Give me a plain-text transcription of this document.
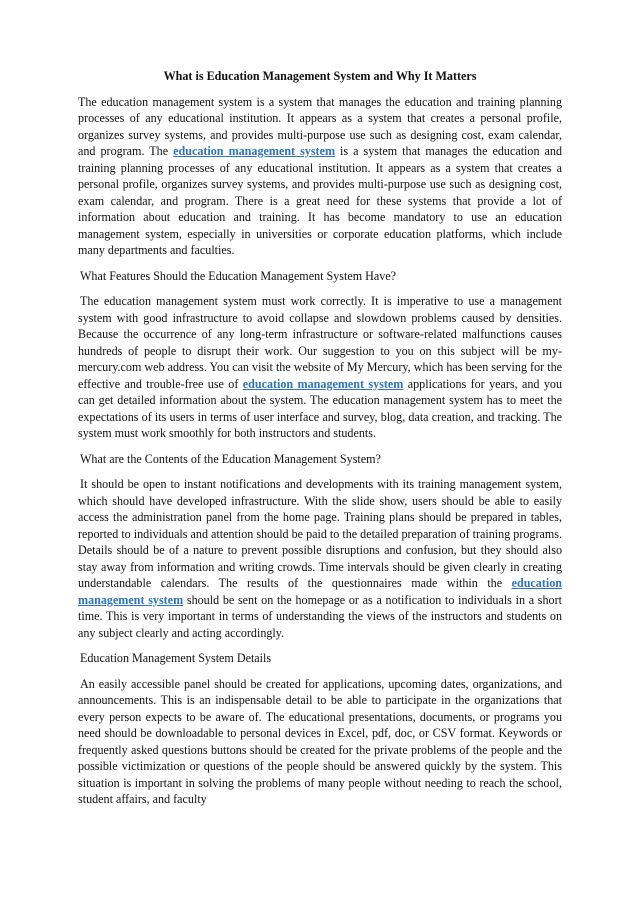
What is Education Management System and Why It Matters

The education management system is a system that manages the education and training planning processes of any educational institution. It appears as a system that creates a personal profile, organizes survey systems, and provides multi-purpose use such as designing cost, exam calendar, and program. The education management system is a system that manages the education and training planning processes of any educational institution. It appears as a system that creates a personal profile, organizes survey systems, and provides multi-purpose use such as designing cost, exam calendar, and program. There is a great need for these systems that provide a lot of information about education and training. It has become mandatory to use an education management system, especially in universities or corporate education platforms, which include many departments and faculties.

What Features Should the Education Management System Have?

The education management system must work correctly. It is imperative to use a management system with good infrastructure to avoid collapse and slowdown problems caused by densities. Because the occurrence of any long-term infrastructure or software-related malfunctions causes hundreds of people to disrupt their work. Our suggestion to you on this subject will be my-mercury.com web address. You can visit the website of My Mercury, which has been serving for the effective and trouble-free use of education management system applications for years, and you can get detailed information about the system. The education management system has to meet the expectations of its users in terms of user interface and survey, blog, data creation, and tracking. The system must work smoothly for both instructors and students.

What are the Contents of the Education Management System?

It should be open to instant notifications and developments with its training management system, which should have developed infrastructure. With the slide show, users should be able to easily access the administration panel from the home page. Training plans should be prepared in tables, reported to individuals and attention should be paid to the detailed preparation of training programs. Details should be of a nature to prevent possible disruptions and confusion, but they should also stay away from information and writing crowds. Time intervals should be given clearly in creating understandable calendars. The results of the questionnaires made within the education management system should be sent on the homepage or as a notification to individuals in a short time. This is very important in terms of understanding the views of the instructors and students on any subject clearly and acting accordingly.

Education Management System Details

An easily accessible panel should be created for applications, upcoming dates, organizations, and announcements. This is an indispensable detail to be able to participate in the organizations that every person expects to be aware of. The educational presentations, documents, or programs you need should be downloadable to personal devices in Excel, pdf, doc, or CSV format. Keywords or frequently asked questions buttons should be created for the private problems of the people and the possible victimization or questions of the people should be answered quickly by the system. This situation is important in solving the problems of many people without needing to reach the school, student affairs, and faculty
